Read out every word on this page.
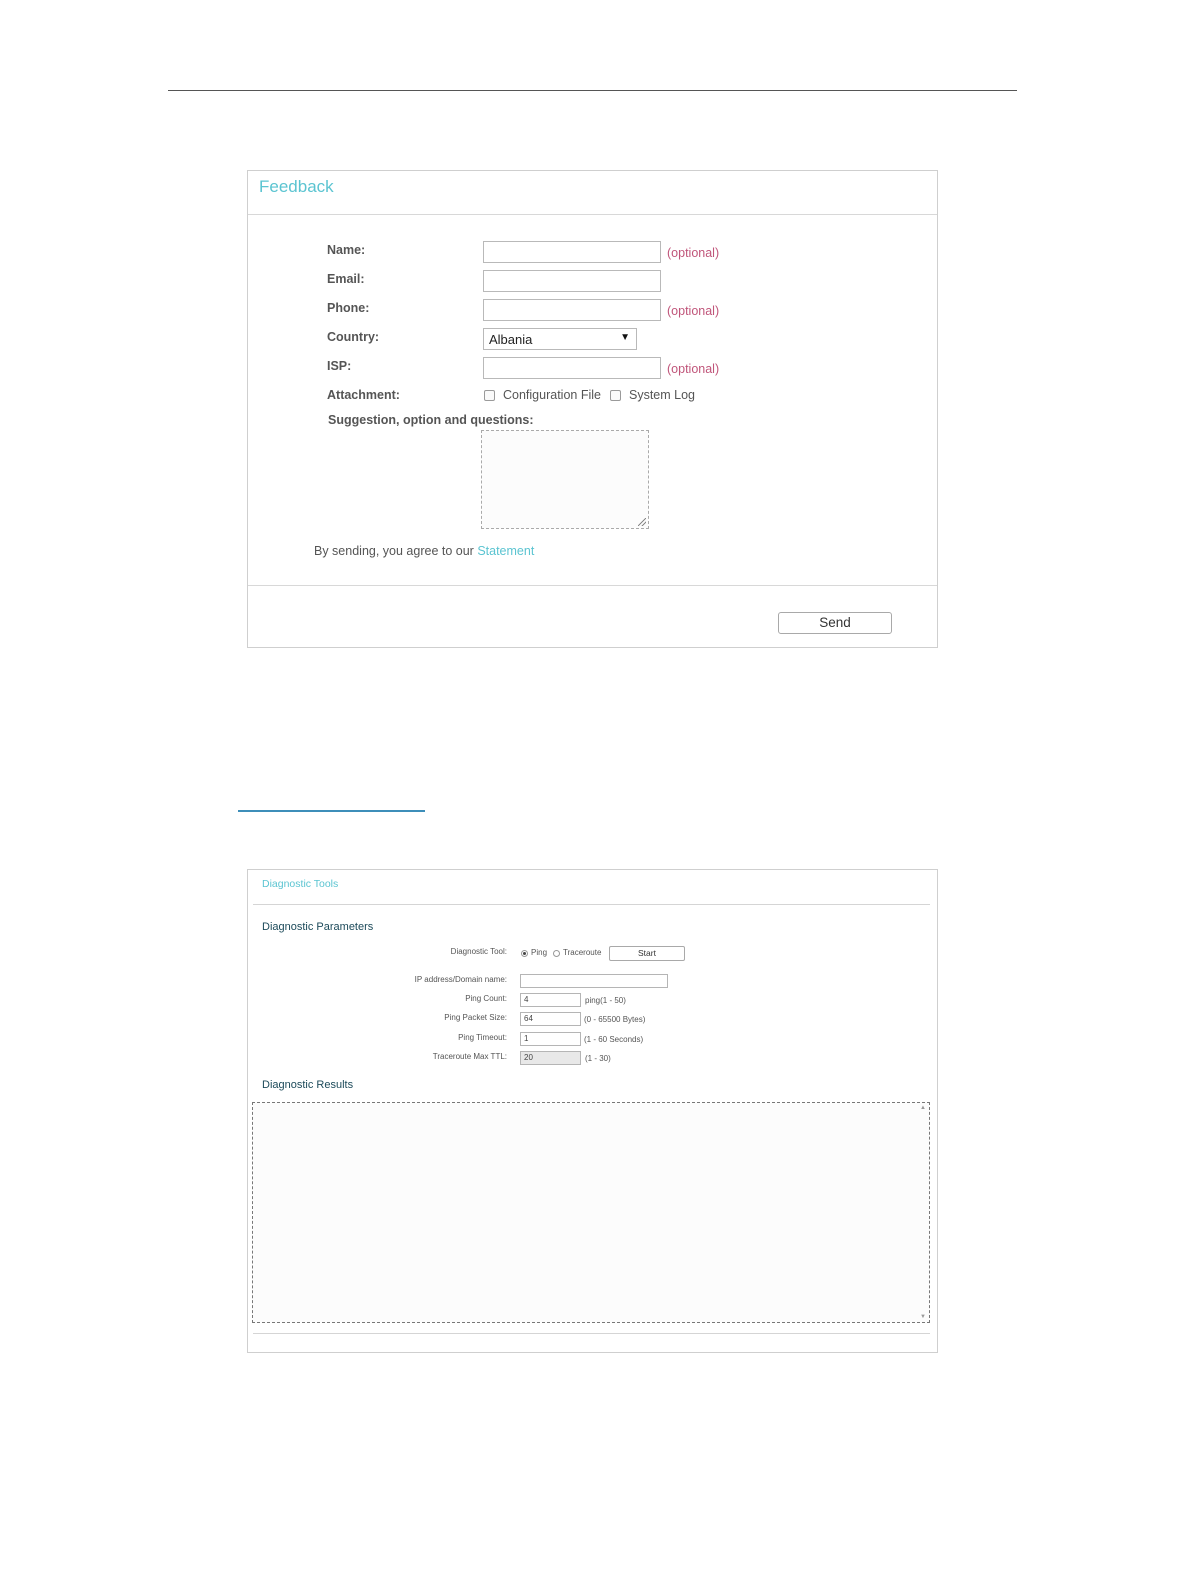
Feedback
Name:	(optional)
Email:
Phone:	(optional)
Country:	Albania	▼
ISP:	(optional)
Attachment:	Configuration File System Log
Suggestion, option and questions:
By sending, you agree to our Statement
Send
Diagnostic Tools
Diagnostic Parameters
Diagnostic Tool:	Ping Traceroute	Start
IP address/Domain name:
Ping Count:	4	ping(1 - 50)
Ping Packet Size:	64	(0 - 65500 Bytes)
Ping Timeout:	1	(1 - 60 Seconds)
Traceroute Max TTL:	20	(1 - 30)
Diagnostic Results
▲
▼
